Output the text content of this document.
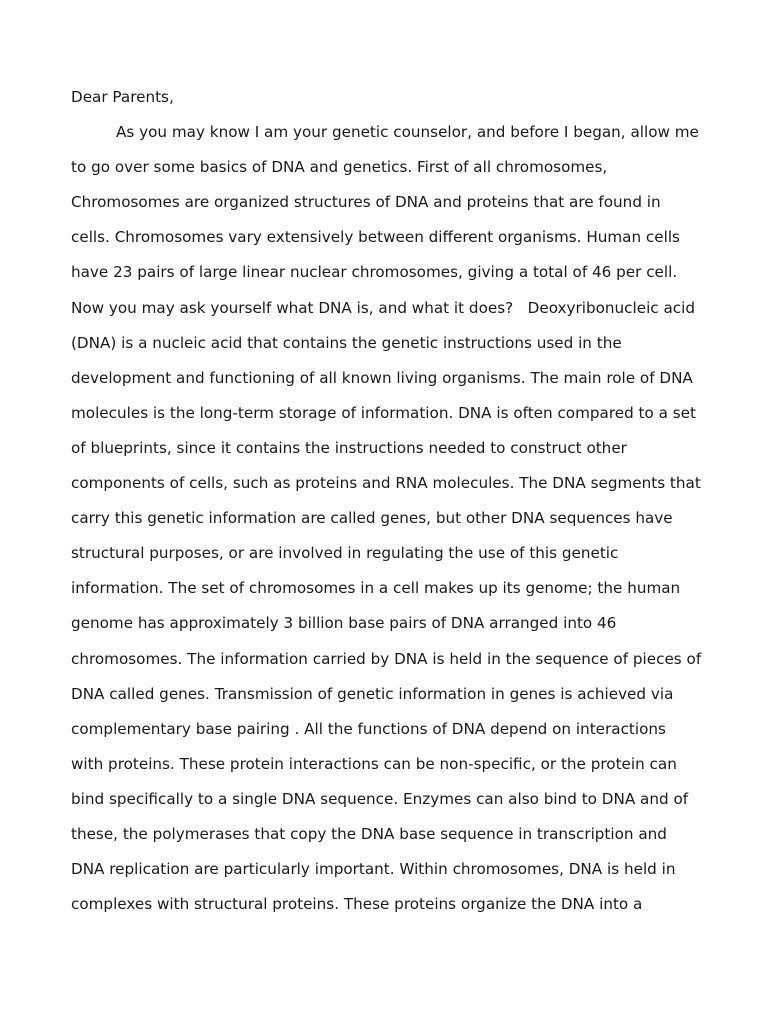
Dear Parents,
As you may know I am your genetic counselor, and before I began, allow me
to go over some basics of DNA and genetics. First of all chromosomes,
Chromosomes are organized structures of DNA and proteins that are found in
cells. Chromosomes vary extensively between different organisms. Human cells
have 23 pairs of large linear nuclear chromosomes, giving a total of 46 per cell.
Now you may ask yourself what DNA is, and what it does?   Deoxyribonucleic acid
(DNA) is a nucleic acid that contains the genetic instructions used in the
development and functioning of all known living organisms. The main role of DNA
molecules is the long-term storage of information. DNA is often compared to a set
of blueprints, since it contains the instructions needed to construct other
components of cells, such as proteins and RNA molecules. The DNA segments that
carry this genetic information are called genes, but other DNA sequences have
structural purposes, or are involved in regulating the use of this genetic
information. The set of chromosomes in a cell makes up its genome; the human
genome has approximately 3 billion base pairs of DNA arranged into 46
chromosomes. The information carried by DNA is held in the sequence of pieces of
DNA called genes. Transmission of genetic information in genes is achieved via
complementary base pairing . All the functions of DNA depend on interactions
with proteins. These protein interactions can be non-specific, or the protein can
bind specifically to a single DNA sequence. Enzymes can also bind to DNA and of
these, the polymerases that copy the DNA base sequence in transcription and
DNA replication are particularly important. Within chromosomes, DNA is held in
complexes with structural proteins. These proteins organize the DNA into a
